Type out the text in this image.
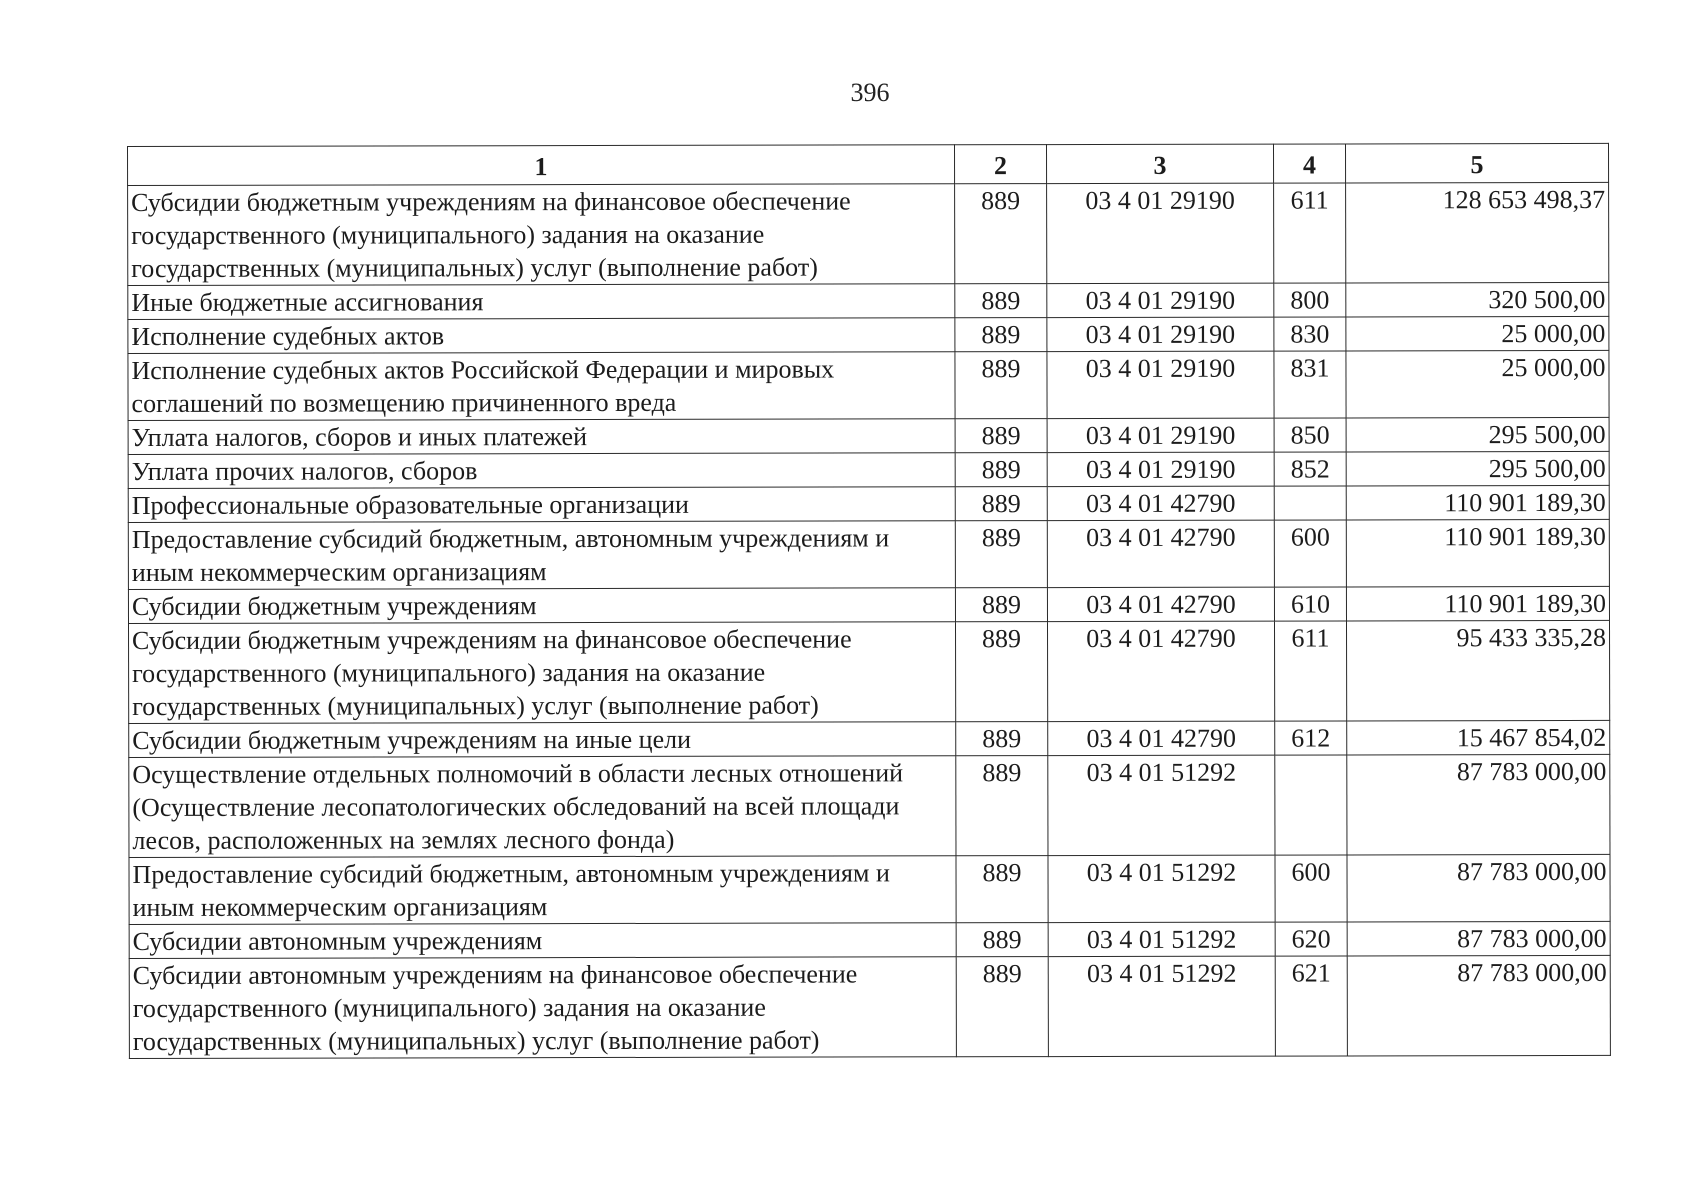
396
1	2	3	4	5
Субсидии бюджетным учреждениям на финансовое обеспечение государственного (муниципального) задания на оказание государственных (муниципальных) услуг (выполнение работ)	889	03 4 01 29190	611	128 653 498,37
Иные бюджетные ассигнования	889	03 4 01 29190	800	320 500,00
Исполнение судебных актов	889	03 4 01 29190	830	25 000,00
Исполнение судебных актов Российской Федерации и мировых соглашений по возмещению причиненного вреда	889	03 4 01 29190	831	25 000,00
Уплата налогов, сборов и иных платежей	889	03 4 01 29190	850	295 500,00
Уплата прочих налогов, сборов	889	03 4 01 29190	852	295 500,00
Профессиональные образовательные организации	889	03 4 01 42790		110 901 189,30
Предоставление субсидий бюджетным, автономным учреждениям и иным некоммерческим организациям	889	03 4 01 42790	600	110 901 189,30
Субсидии бюджетным учреждениям	889	03 4 01 42790	610	110 901 189,30
Субсидии бюджетным учреждениям на финансовое обеспечение государственного (муниципального) задания на оказание государственных (муниципальных) услуг (выполнение работ)	889	03 4 01 42790	611	95 433 335,28
Субсидии бюджетным учреждениям на иные цели	889	03 4 01 42790	612	15 467 854,02
Осуществление отдельных полномочий в области лесных отношений (Осуществление лесопатологических обследований на всей площади лесов, расположенных на землях лесного фонда)	889	03 4 01 51292		87 783 000,00
Предоставление субсидий бюджетным, автономным учреждениям и иным некоммерческим организациям	889	03 4 01 51292	600	87 783 000,00
Субсидии автономным учреждениям	889	03 4 01 51292	620	87 783 000,00
Субсидии автономным учреждениям на финансовое обеспечение государственного (муниципального) задания на оказание государственных (муниципальных) услуг (выполнение работ)	889	03 4 01 51292	621	87 783 000,00
